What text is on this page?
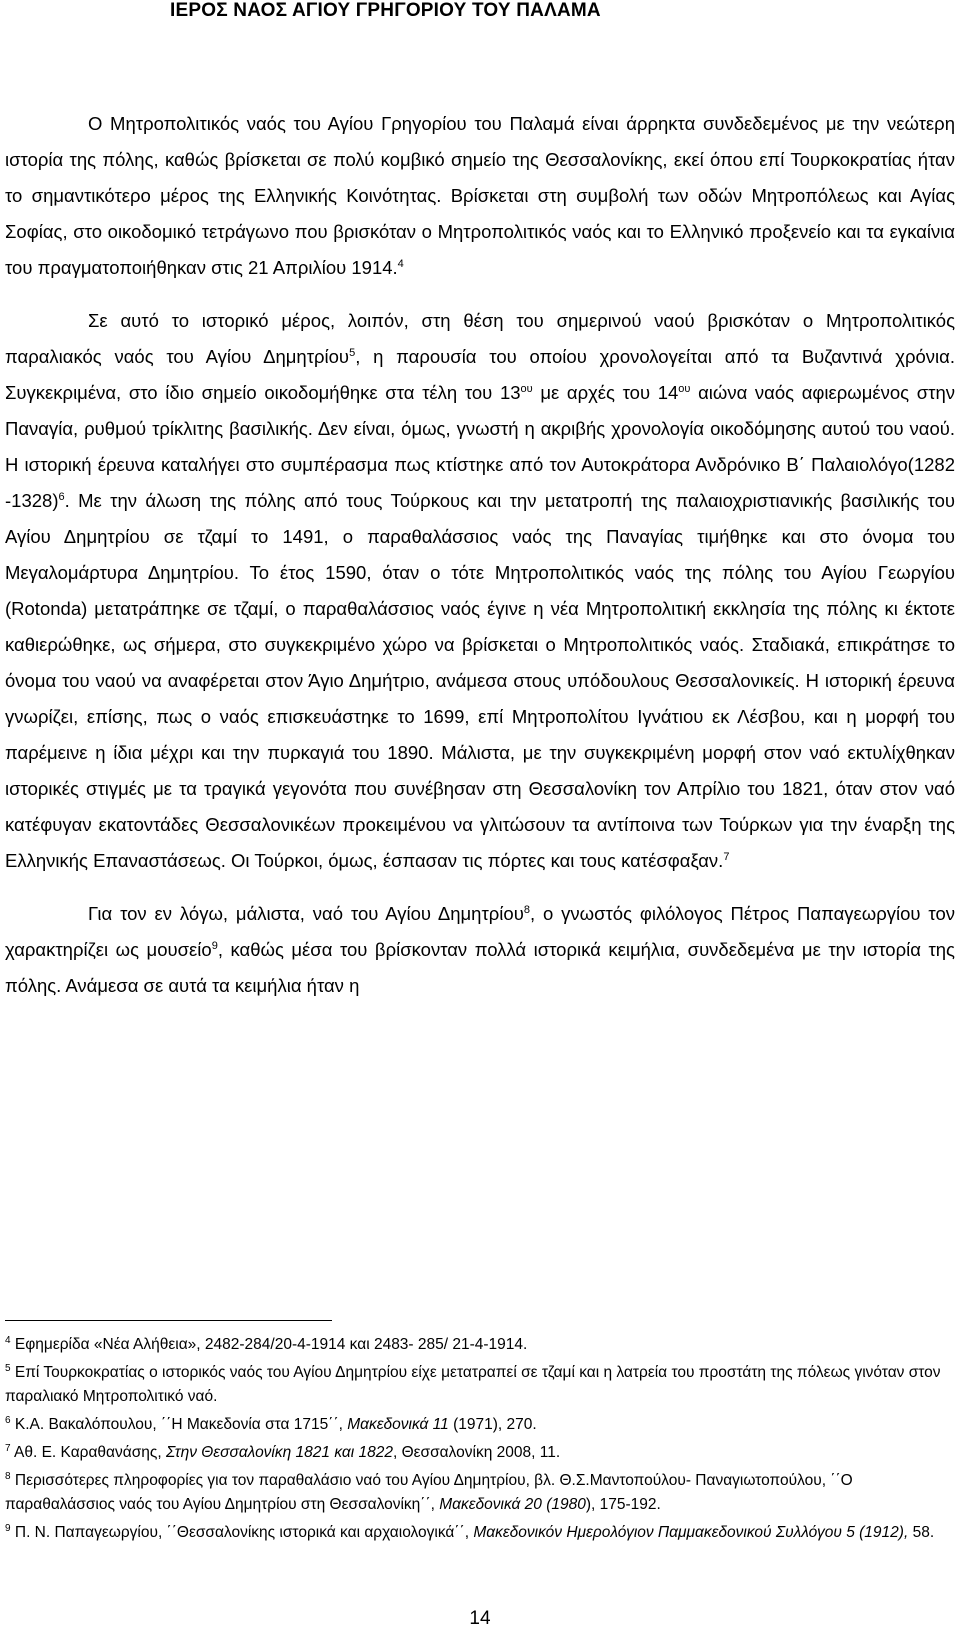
ΙΕΡΟΣ ΝΑΟΣ ΑΓΙΟΥ ΓΡΗΓΟΡΙΟΥ ΤΟΥ ΠΑΛΑΜΑ

Ο Μητροπολιτικός ναός του Αγίου Γρηγορίου του Παλαμά είναι άρρηκτα συνδεδεμένος με την νεώτερη ιστορία της πόλης, καθώς βρίσκεται σε πολύ κομβικό σημείο της Θεσσαλονίκης, εκεί όπου επί Τουρκοκρατίας ήταν το σημαντικότερο μέρος της Ελληνικής Κοινότητας. Βρίσκεται στη συμβολή των οδών Μητροπόλεως και Αγίας Σοφίας, στο οικοδομικό τετράγωνο που βρισκόταν ο Μητροπολιτικός ναός και το Ελληνικό προξενείο και τα εγκαίνια του πραγματοποιήθηκαν στις 21 Απριλίου 1914.$^4$

Σε αυτό το ιστορικό μέρος, λοιπόν, στη θέση του σημερινού ναού βρισκόταν ο Μητροπολιτικός παραλιακός ναός του Αγίου Δημητρίου$^5$, η παρουσία του οποίου χρονολογείται από τα Βυζαντινά χρόνια. Συγκεκριμένα, στο ίδιο σημείο οικοδομήθηκε στα τέλη του $13^{o\upsilon}$ με αρχές του $14^{o\upsilon}$ αιώνα ναός αφιερωμένος στην Παναγία, ρυθμού τρίκλιτης βασιλικής. Δεν είναι, όμως, γνωστή η ακριβής χρονολογία οικοδόμησης αυτού του ναού. Η ιστορική έρευνα καταλήγει στο συμπέρασμα πως κτίστηκε από τον Αυτοκράτορα Ανδρόνικο Β΄ Παλαιολόγο(1282 -1328)$^6$. Με την άλωση της πόλης από τους Τούρκους και την μετατροπή της παλαιοχριστιανικής βασιλικής του Αγίου Δημητρίου σε τζαμί το 1491, ο παραθαλάσσιος ναός της Παναγίας τιμήθηκε και στο όνομα του Μεγαλομάρτυρα Δημητρίου. Το έτος 1590, όταν ο τότε Μητροπολιτικός ναός της πόλης του Αγίου Γεωργίου (Rotonda) μετατράπηκε σε τζαμί, ο παραθαλάσσιος ναός έγινε η νέα Μητροπολιτική εκκλησία της πόλης κι έκτοτε καθιερώθηκε, ως σήμερα, στο συγκεκριμένο χώρο να βρίσκεται ο Μητροπολιτικός ναός. Σταδιακά, επικράτησε το όνομα του ναού να αναφέρεται στον Άγιο Δημήτριο, ανάμεσα στους υπόδουλους Θεσσαλονικείς. Η ιστορική έρευνα γνωρίζει, επίσης, πως ο ναός επισκευάστηκε το 1699, επί Μητροπολίτου Ιγνάτιου εκ Λέσβου, και η μορφή του παρέμεινε η ίδια μέχρι και την πυρκαγιά του 1890. Μάλιστα, με την συγκεκριμένη μορφή στον ναό εκτυλίχθηκαν ιστορικές στιγμές με τα τραγικά γεγονότα που συνέβησαν στη Θεσσαλονίκη τον Απρίλιο του 1821, όταν στον ναό κατέφυγαν εκατοντάδες Θεσσαλονικέων προκειμένου να γλιτώσουν τα αντίποινα των Τούρκων για την έναρξη της Ελληνικής Επαναστάσεως. Οι Τούρκοι, όμως, έσπασαν τις πόρτες και τους κατέσφαξαν.$^7$

Για τον εν λόγω, μάλιστα, ναό του Αγίου Δημητρίου$^8$, ο γνωστός φιλόλογος Πέτρος Παπαγεωργίου τον χαρακτηρίζει ως μουσείο$^9$, καθώς μέσα του βρίσκονταν πολλά ιστορικά κειμήλια, συνδεδεμένα με την ιστορία της πόλης. Ανάμεσα σε αυτά τα κειμήλια ήταν η

$^4$ Εφημερίδα «Νέα Αλήθεια», 2482-284/20-4-1914 και 2483- 285/ 21-4-1914.

$^5$ Επί Τουρκοκρατίας ο ιστορικός ναός του Αγίου Δημητρίου είχε μετατραπεί σε τζαμί και η λατρεία του προστάτη της πόλεως γινόταν στον παραλιακό Μητροπολιτικό ναό.

$^6$ Κ.Α. Βακαλόπουλου, ΄΄Η Μακεδονία στα 1715΄΄, Μακεδονικά 11 (1971), 270.

$^7$ Αθ. Ε. Καραθανάσης, Στην Θεσσαλονίκη 1821 και 1822, Θεσσαλονίκη 2008, 11.

$^8$ Περισσότερες πληροφορίες για τον παραθαλάσιο ναό του Αγίου Δημητρίου, βλ. Θ.Σ.Μαντοπούλου- Παναγιωτοπούλου, ΄΄Ο παραθαλάσσιος ναός του Αγίου Δημητρίου στη Θεσσαλονίκη΄΄, Μακεδονικά 20 (1980), 175-192.

$^9$ Π. Ν. Παπαγεωργίου, ΄΄Θεσσαλονίκης ιστορικά και αρχαιολογικά΄΄, Μακεδονικόν Ημερολόγιον Παμμακεδονικού Συλλόγου 5 (1912), 58.

14
